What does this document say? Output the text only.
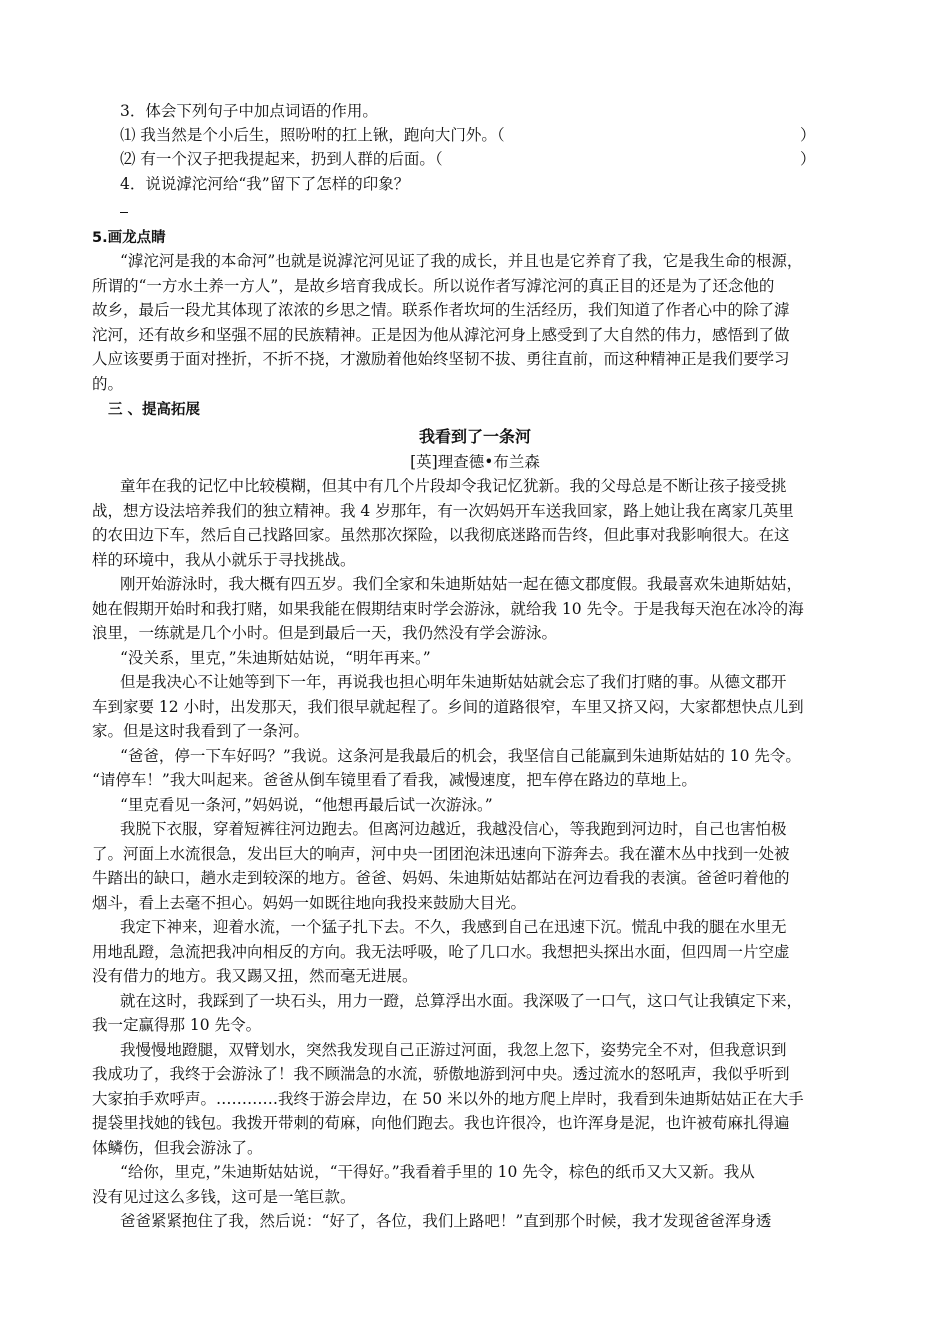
3．体会下列句子中加点词语的作用。
⑴ 我当然是个小后生，照吩咐的扛上锹，跑向大门外。（	）
⑵ 有一个汉子把我提起来，扔到人群的后面。（	）
4．说说滹沱河给“我”留下了怎样的印象？
5.画龙点睛
“滹沱河是我的本命河”也就是说滹沱河见证了我的成长，并且也是它养育了我，它是我生命的根源，
所谓的“一方水土养一方人”，是故乡培育我成长。所以说作者写滹沱河的真正目的还是为了还念他的
故乡，最后一段尤其体现了浓浓的乡思之情。联系作者坎坷的生活经历，我们知道了作者心中的除了滹
沱河，还有故乡和坚强不屈的民族精神。正是因为他从滹沱河身上感受到了大自然的伟力，感悟到了做
人应该要勇于面对挫折，不折不挠，才激励着他始终坚韧不拔、勇往直前，而这种精神正是我们要学习
的。
三 、提高拓展
我看到了一条河
[英]理查德•布兰森
童年在我的记忆中比较模糊，但其中有几个片段却令我记忆犹新。我的父母总是不断让孩子接受挑
战，想方设法培养我们的独立精神。我 4 岁那年，有一次妈妈开车送我回家，路上她让我在离家几英里
的农田边下车，然后自己找路回家。虽然那次探险，以我彻底迷路而告终，但此事对我影响很大。在这
样的环境中，我从小就乐于寻找挑战。
刚开始游泳时，我大概有四五岁。我们全家和朱迪斯姑姑一起在德文郡度假。我最喜欢朱迪斯姑姑，
她在假期开始时和我打赌，如果我能在假期结束时学会游泳，就给我 10 先令。于是我每天泡在冰冷的海
浪里，一练就是几个小时。但是到最后一天，我仍然没有学会游泳。
“没关系，里克，”朱迪斯姑姑说，“明年再来。”
但是我决心不让她等到下一年，再说我也担心明年朱迪斯姑姑就会忘了我们打赌的事。从德文郡开
车到家要 12 小时，出发那天，我们很早就起程了。乡间的道路很窄，车里又挤又闷，大家都想快点儿到
家。但是这时我看到了一条河。
“爸爸，停一下车好吗？”我说。这条河是我最后的机会，我坚信自己能赢到朱迪斯姑姑的 10 先令。
“请停车！”我大叫起来。爸爸从倒车镜里看了看我，减慢速度，把车停在路边的草地上。
“里克看见一条河，”妈妈说，“他想再最后试一次游泳。”
我脱下衣服，穿着短裤往河边跑去。但离河边越近，我越没信心，等我跑到河边时，自己也害怕极
了。河面上水流很急，发出巨大的响声，河中央一团团泡沫迅速向下游奔去。我在灌木丛中找到一处被
牛踏出的缺口，趟水走到较深的地方。爸爸、妈妈、朱迪斯姑姑都站在河边看我的表演。爸爸叼着他的
烟斗，看上去毫不担心。妈妈一如既往地向我投来鼓励大目光。
我定下神来，迎着水流，一个猛子扎下去。不久，我感到自己在迅速下沉。慌乱中我的腿在水里无
用地乱蹬，急流把我冲向相反的方向。我无法呼吸，呛了几口水。我想把头探出水面，但四周一片空虚
没有借力的地方。我又踢又扭，然而毫无进展。
就在这时，我踩到了一块石头，用力一蹬，总算浮出水面。我深吸了一口气，这口气让我镇定下来，
我一定赢得那 10 先令。
我慢慢地蹬腿，双臂划水，突然我发现自己正游过河面，我忽上忽下，姿势完全不对，但我意识到
我成功了，我终于会游泳了！我不顾湍急的水流，骄傲地游到河中央。透过流水的怒吼声，我似乎听到
大家拍手欢呼声。…………我终于游会岸边，在 50 米以外的地方爬上岸时，我看到朱迪斯姑姑正在大手
提袋里找她的钱包。我拨开带刺的荀麻，向他们跑去。我也许很冷，也许浑身是泥，也许被荀麻扎得遍
体鳞伤，但我会游泳了。
“给你，里克，”朱迪斯姑姑说，“干得好。”我看着手里的 10 先令，棕色的纸币又大又新。我从
没有见过这么多钱，这可是一笔巨款。
爸爸紧紧抱住了我，然后说：“好了，各位，我们上路吧！”直到那个时候，我才发现爸爸浑身透
